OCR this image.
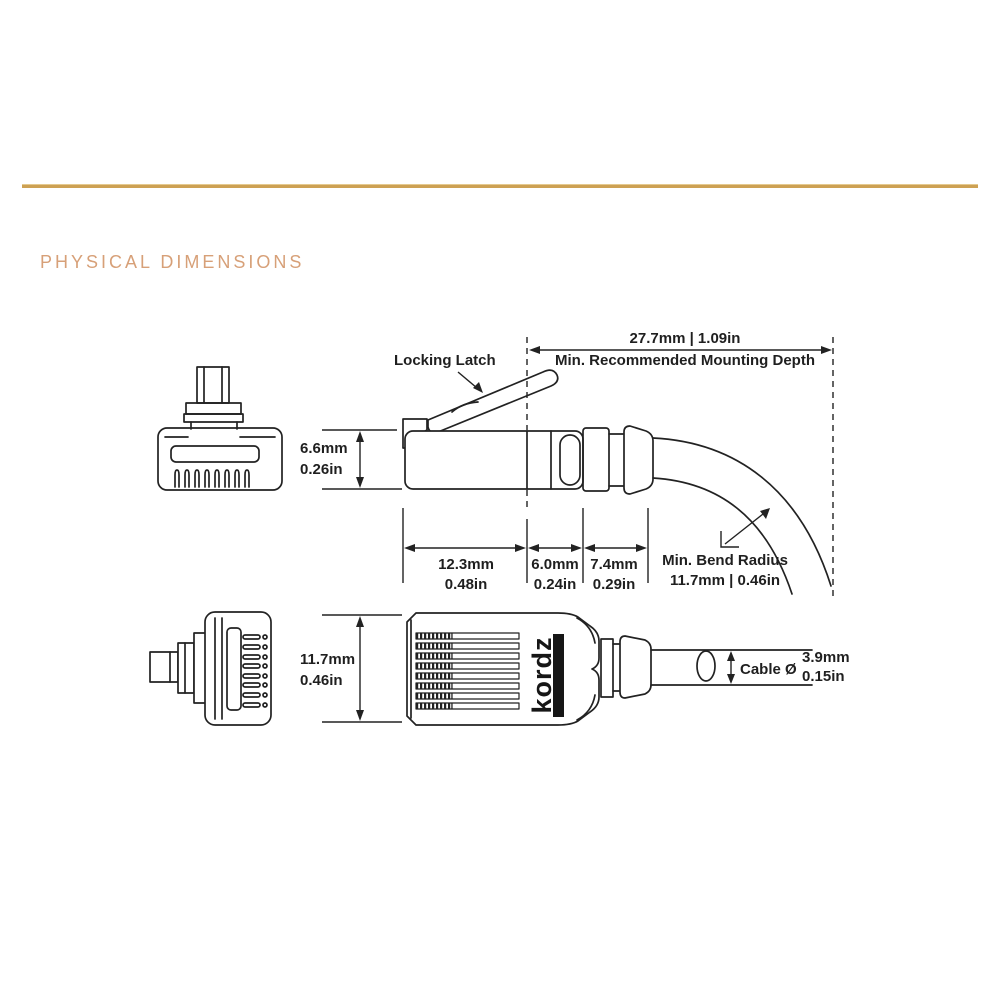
PHYSICAL DIMENSIONS
Locking Latch
27.7mm | 1.09in
Min. Recommended Mounting Depth
6.6mm
0.26in
12.3mm
0.48in
6.0mm
0.24in
7.4mm
0.29in
Min. Bend Radius
11.7mm | 0.46in
11.7mm
0.46in
Cable Ø
3.9mm
0.15in
kordz
